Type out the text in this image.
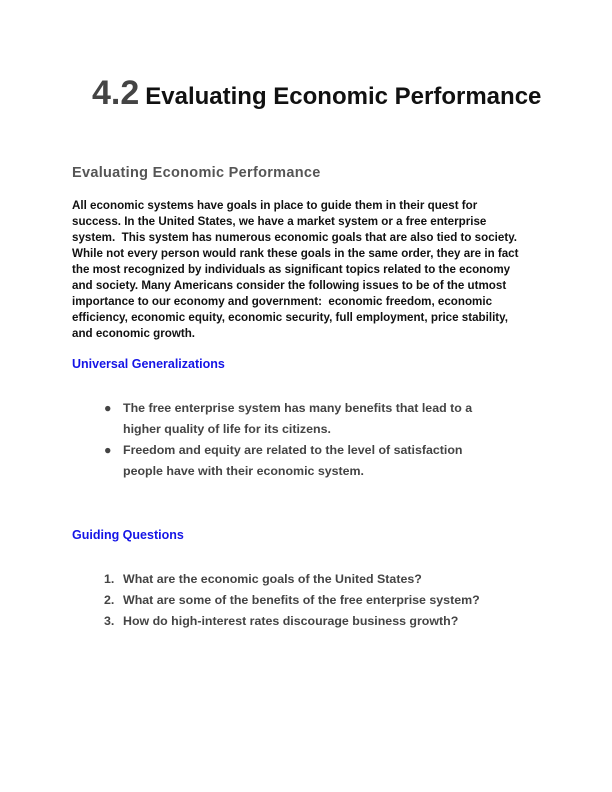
4.2 Evaluating Economic Performance
Evaluating Economic Performance
All economic systems have goals in place to guide them in their quest for
success. In the United States, we have a market system or a free enterprise
system.  This system has numerous economic goals that are also tied to society.
While not every person would rank these goals in the same order, they are in fact
the most recognized by individuals as significant topics related to the economy
and society. Many Americans consider the following issues to be of the utmost
importance to our economy and government:  economic freedom, economic
efficiency, economic equity, economic security, full employment, price stability,
and economic growth.
Universal Generalizations
● The free enterprise system has many benefits that lead to a
higher quality of life for its citizens.
● Freedom and equity are related to the level of satisfaction
people have with their economic system.
Guiding Questions
1. What are the economic goals of the United States?
2. What are some of the benefits of the free enterprise system?
3. How do high-interest rates discourage business growth?
